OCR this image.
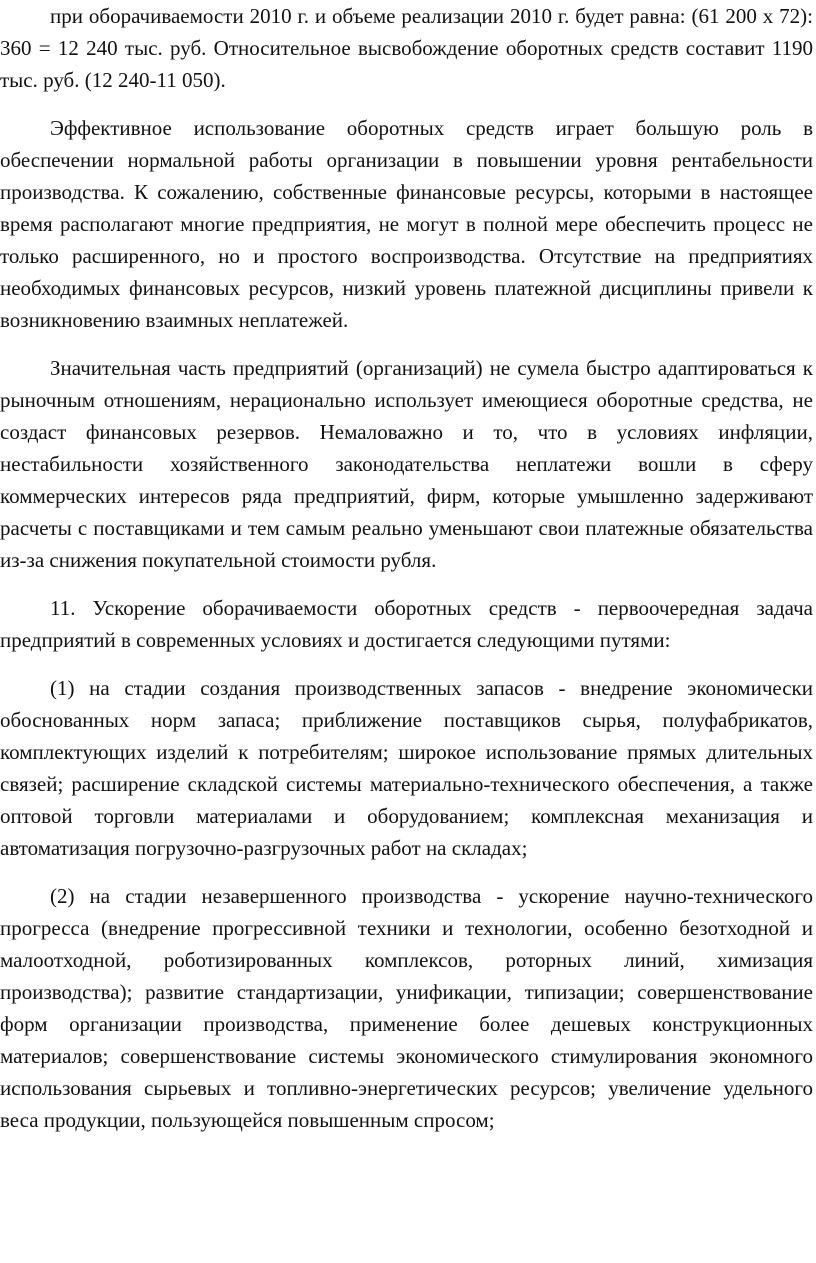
при оборачиваемости 2010 г. и объеме реализации 2010 г. будет равна: (61 200 х 72): 360 = 12 240 тыс. руб. Относительное высвобождение оборотных средств составит 1190 тыс. руб. (12 240-11 050).

Эффективное использование оборотных средств играет большую роль в обеспечении нормальной работы организации в повышении уровня рентабельности производства. К сожалению, собственные финансовые ресурсы, которыми в настоящее время располагают многие предприятия, не могут в полной мере обеспечить процесс не только расширенного, но и простого воспроизводства. Отсутствие на предприятиях необходимых финансовых ресурсов, низкий уровень платежной дисциплины привели к возникновению взаимных неплатежей.

Значительная часть предприятий (организаций) не сумела быстро адаптироваться к рыночным отношениям, нерационально использует имеющиеся оборотные средства, не создаст финансовых резервов. Немаловажно и то, что в условиях инфляции, нестабильности хозяйственного законодательства неплатежи вошли в сферу коммерческих интересов ряда предприятий, фирм, которые умышленно задерживают расчеты с поставщиками и тем самым реально уменьшают свои платежные обязательства из-за снижения покупательной стоимости рубля.

11. Ускорение оборачиваемости оборотных средств - первоочередная задача предприятий в современных условиях и достигается следующими путями:

(1) на стадии создания производственных запасов - внедрение экономически обоснованных норм запаса; приближение поставщиков сырья, полуфабрикатов, комплектующих изделий к потребителям; широкое использование прямых длительных связей; расширение складской системы материально-технического обеспечения, а также оптовой торговли материалами и оборудованием; комплексная механизация и автоматизация погрузочно-разгрузочных работ на складах;

(2) на стадии незавершенного производства - ускорение научно-технического прогресса (внедрение прогрессивной техники и технологии, особенно безотходной и малоотходной, роботизированных комплексов, роторных линий, химизация производства); развитие стандартизации, унификации, типизации; совершенствование форм организации производства, применение более дешевых конструкционных материалов; совершенствование системы экономического стимулирования экономного использования сырьевых и топливно-энергетических ресурсов; увеличение удельного веса продукции, пользующейся повышенным спросом;
